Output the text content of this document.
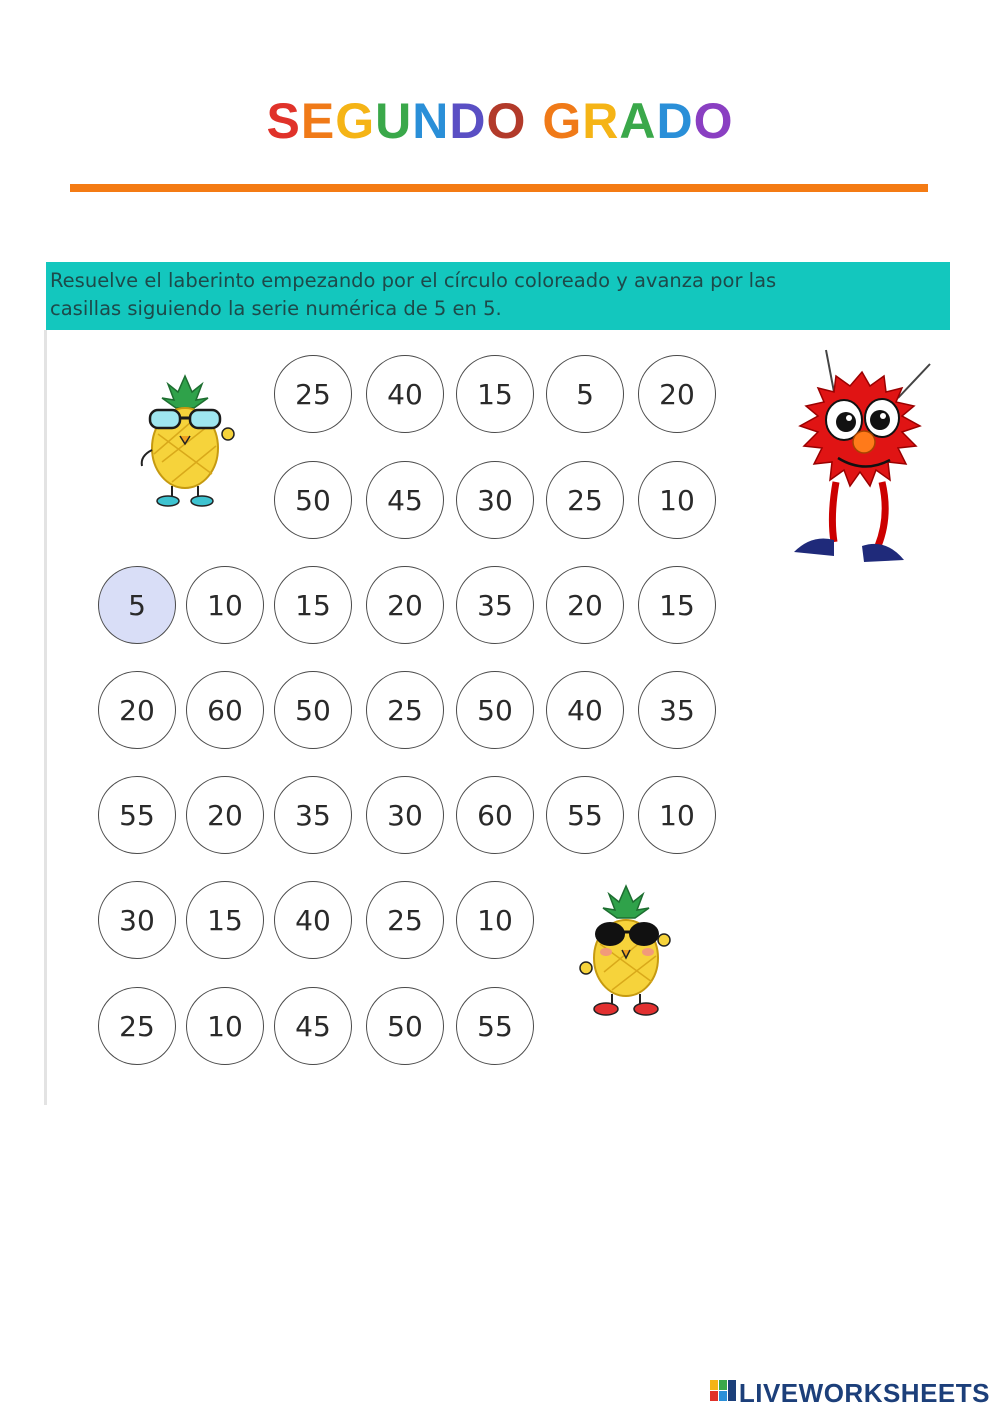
SEGUNDO GRADO
Resuelve el laberinto empezando por el círculo coloreado y avanza por las
casillas siguiendo la serie numérica de 5 en 5.
25	40	15	5	20
50	45	30	25	10
5	10	15	20	35	20	15
20	60	50	25	50	40	35
55	20	35	30	60	55	10
30	15	40	25	10
25	10	45	50	55
LIVEWORKSHEETS
